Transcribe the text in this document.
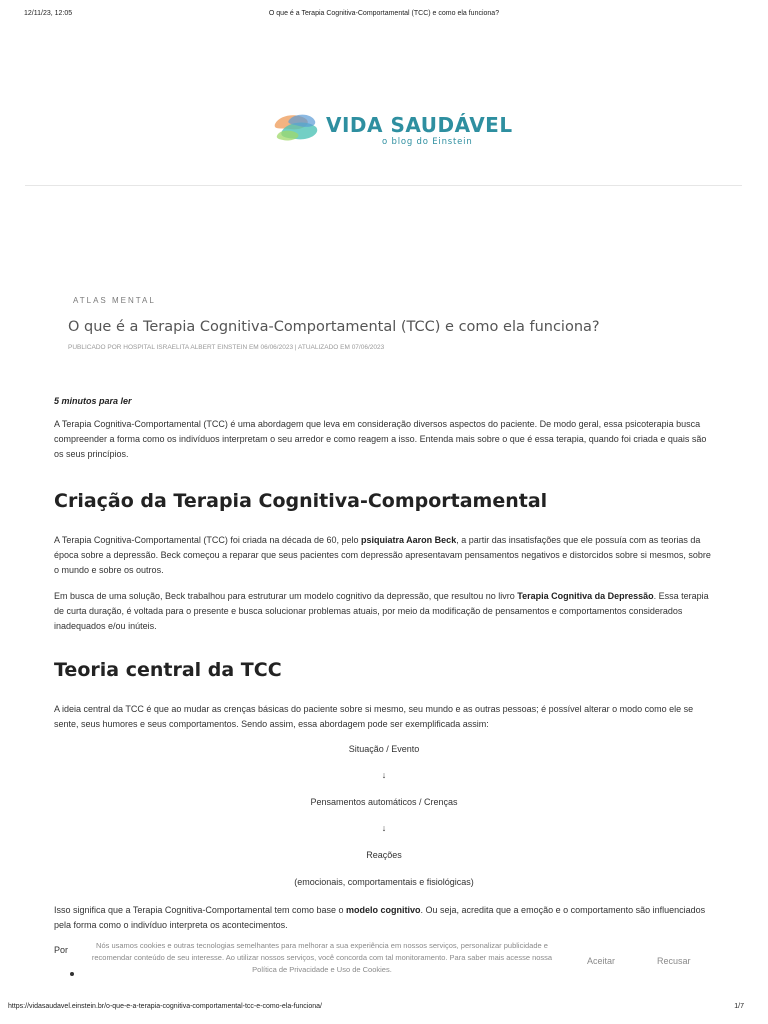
12/11/23, 12:05	O que é a Terapia Cognitiva-Comportamental (TCC) e como ela funciona?
VIDA SAUDÁVEL
o blog do Einstein
ATLAS MENTAL
O que é a Terapia Cognitiva-Comportamental (TCC) e como ela funciona?
PUBLICADO POR HOSPITAL ISRAELITA ALBERT EINSTEIN EM 06/06/2023 | ATUALIZADO EM 07/06/2023

5 minutos para ler

A Terapia Cognitiva-Comportamental (TCC) é uma abordagem que leva em consideração diversos aspectos do paciente. De modo geral, essa psicoterapia busca compreender a forma como os indivíduos interpretam o seu arredor e como reagem a isso. Entenda mais sobre o que é essa terapia, quando foi criada e quais são os seus princípios.

Criação da Terapia Cognitiva-Comportamental

A Terapia Cognitiva-Comportamental (TCC) foi criada na década de 60, pelo psiquiatra Aaron Beck, a partir das insatisfações que ele possuía com as teorias da época sobre a depressão. Beck começou a reparar que seus pacientes com depressão apresentavam pensamentos negativos e distorcidos sobre si mesmos, sobre o mundo e sobre os outros.

Em busca de uma solução, Beck trabalhou para estruturar um modelo cognitivo da depressão, que resultou no livro Terapia Cognitiva da Depressão. Essa terapia de curta duração, é voltada para o presente e busca solucionar problemas atuais, por meio da modificação de pensamentos e comportamentos considerados inadequados e/ou inúteis.

Teoria central da TCC

A ideia central da TCC é que ao mudar as crenças básicas do paciente sobre si mesmo, seu mundo e as outras pessoas; é possível alterar o modo como ele se sente, seus humores e seus comportamentos. Sendo assim, essa abordagem pode ser exemplificada assim:

Situação / Evento
↓
Pensamentos automáticos / Crenças
↓
Reações
(emocionais, comportamentais e fisiológicas)

Isso significa que a Terapia Cognitiva-Comportamental tem como base o modelo cognitivo. Ou seja, acredita que a emoção e o comportamento são influenciados pela forma como o indivíduo interpreta os acontecimentos.

Por	Nós usamos cookies e outras tecnologias semelhantes para melhorar a sua experiência em nossos serviços, personalizar publicidade e recomendar conteúdo de seu interesse. Ao utilizar nossos serviços, você concorda com tal monitoramento. Para saber mais acesse nossa Política de Privacidade e Uso de Cookies.
Aceitar	Recusar
https://vidasaudavel.einstein.br/o-que-e-a-terapia-cognitiva-comportamental-tcc-e-como-ela-funciona/	1/7
